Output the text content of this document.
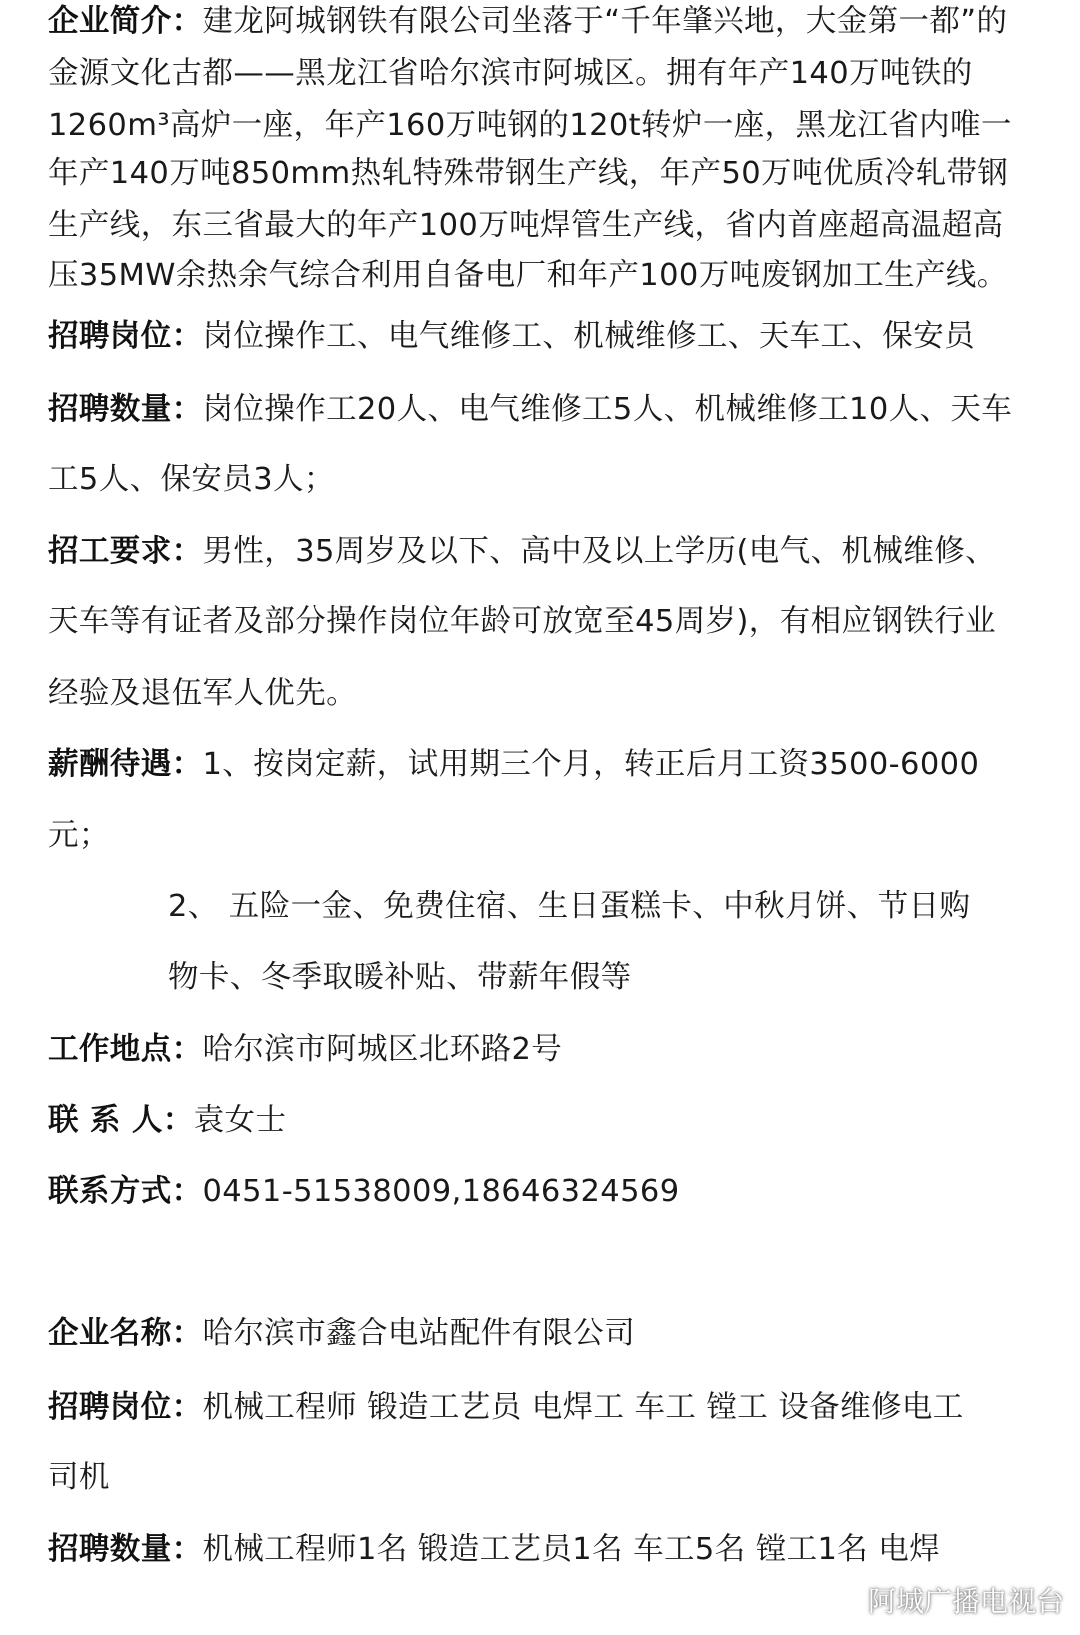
企业简介：建龙阿城钢铁有限公司坐落于“千年肇兴地，大金第一都”的
金源文化古都——黑龙江省哈尔滨市阿城区。拥有年产140万吨铁的
1260m³高炉一座，年产160万吨钢的120t转炉一座，黑龙江省内唯一
年产140万吨850mm热轧特殊带钢生产线，年产50万吨优质冷轧带钢
生产线，东三省最大的年产100万吨焊管生产线，省内首座超高温超高
压35MW余热余气综合利用自备电厂和年产100万吨废钢加工生产线。
招聘岗位：岗位操作工、电气维修工、机械维修工、天车工、保安员
招聘数量：岗位操作工20人、电气维修工5人、机械维修工10人、天车
工5人、保安员3人；
招工要求：男性，35周岁及以下、高中及以上学历(电气、机械维修、
天车等有证者及部分操作岗位年龄可放宽至45周岁)，有相应钢铁行业
经验及退伍军人优先。
薪酬待遇：1、按岗定薪，试用期三个月，转正后月工资3500-6000
元；
2、 五险一金、免费住宿、生日蛋糕卡、中秋月饼、节日购
物卡、冬季取暖补贴、带薪年假等
工作地点：哈尔滨市阿城区北环路2号
联 系 人：袁女士
联系方式：0451-51538009,18646324569
企业名称：哈尔滨市鑫合电站配件有限公司
招聘岗位：机械工程师 锻造工艺员 电焊工 车工 镗工 设备维修电工
司机
招聘数量：机械工程师1名 锻造工艺员1名 车工5名 镗工1名 电焊
阿城广播电视台
